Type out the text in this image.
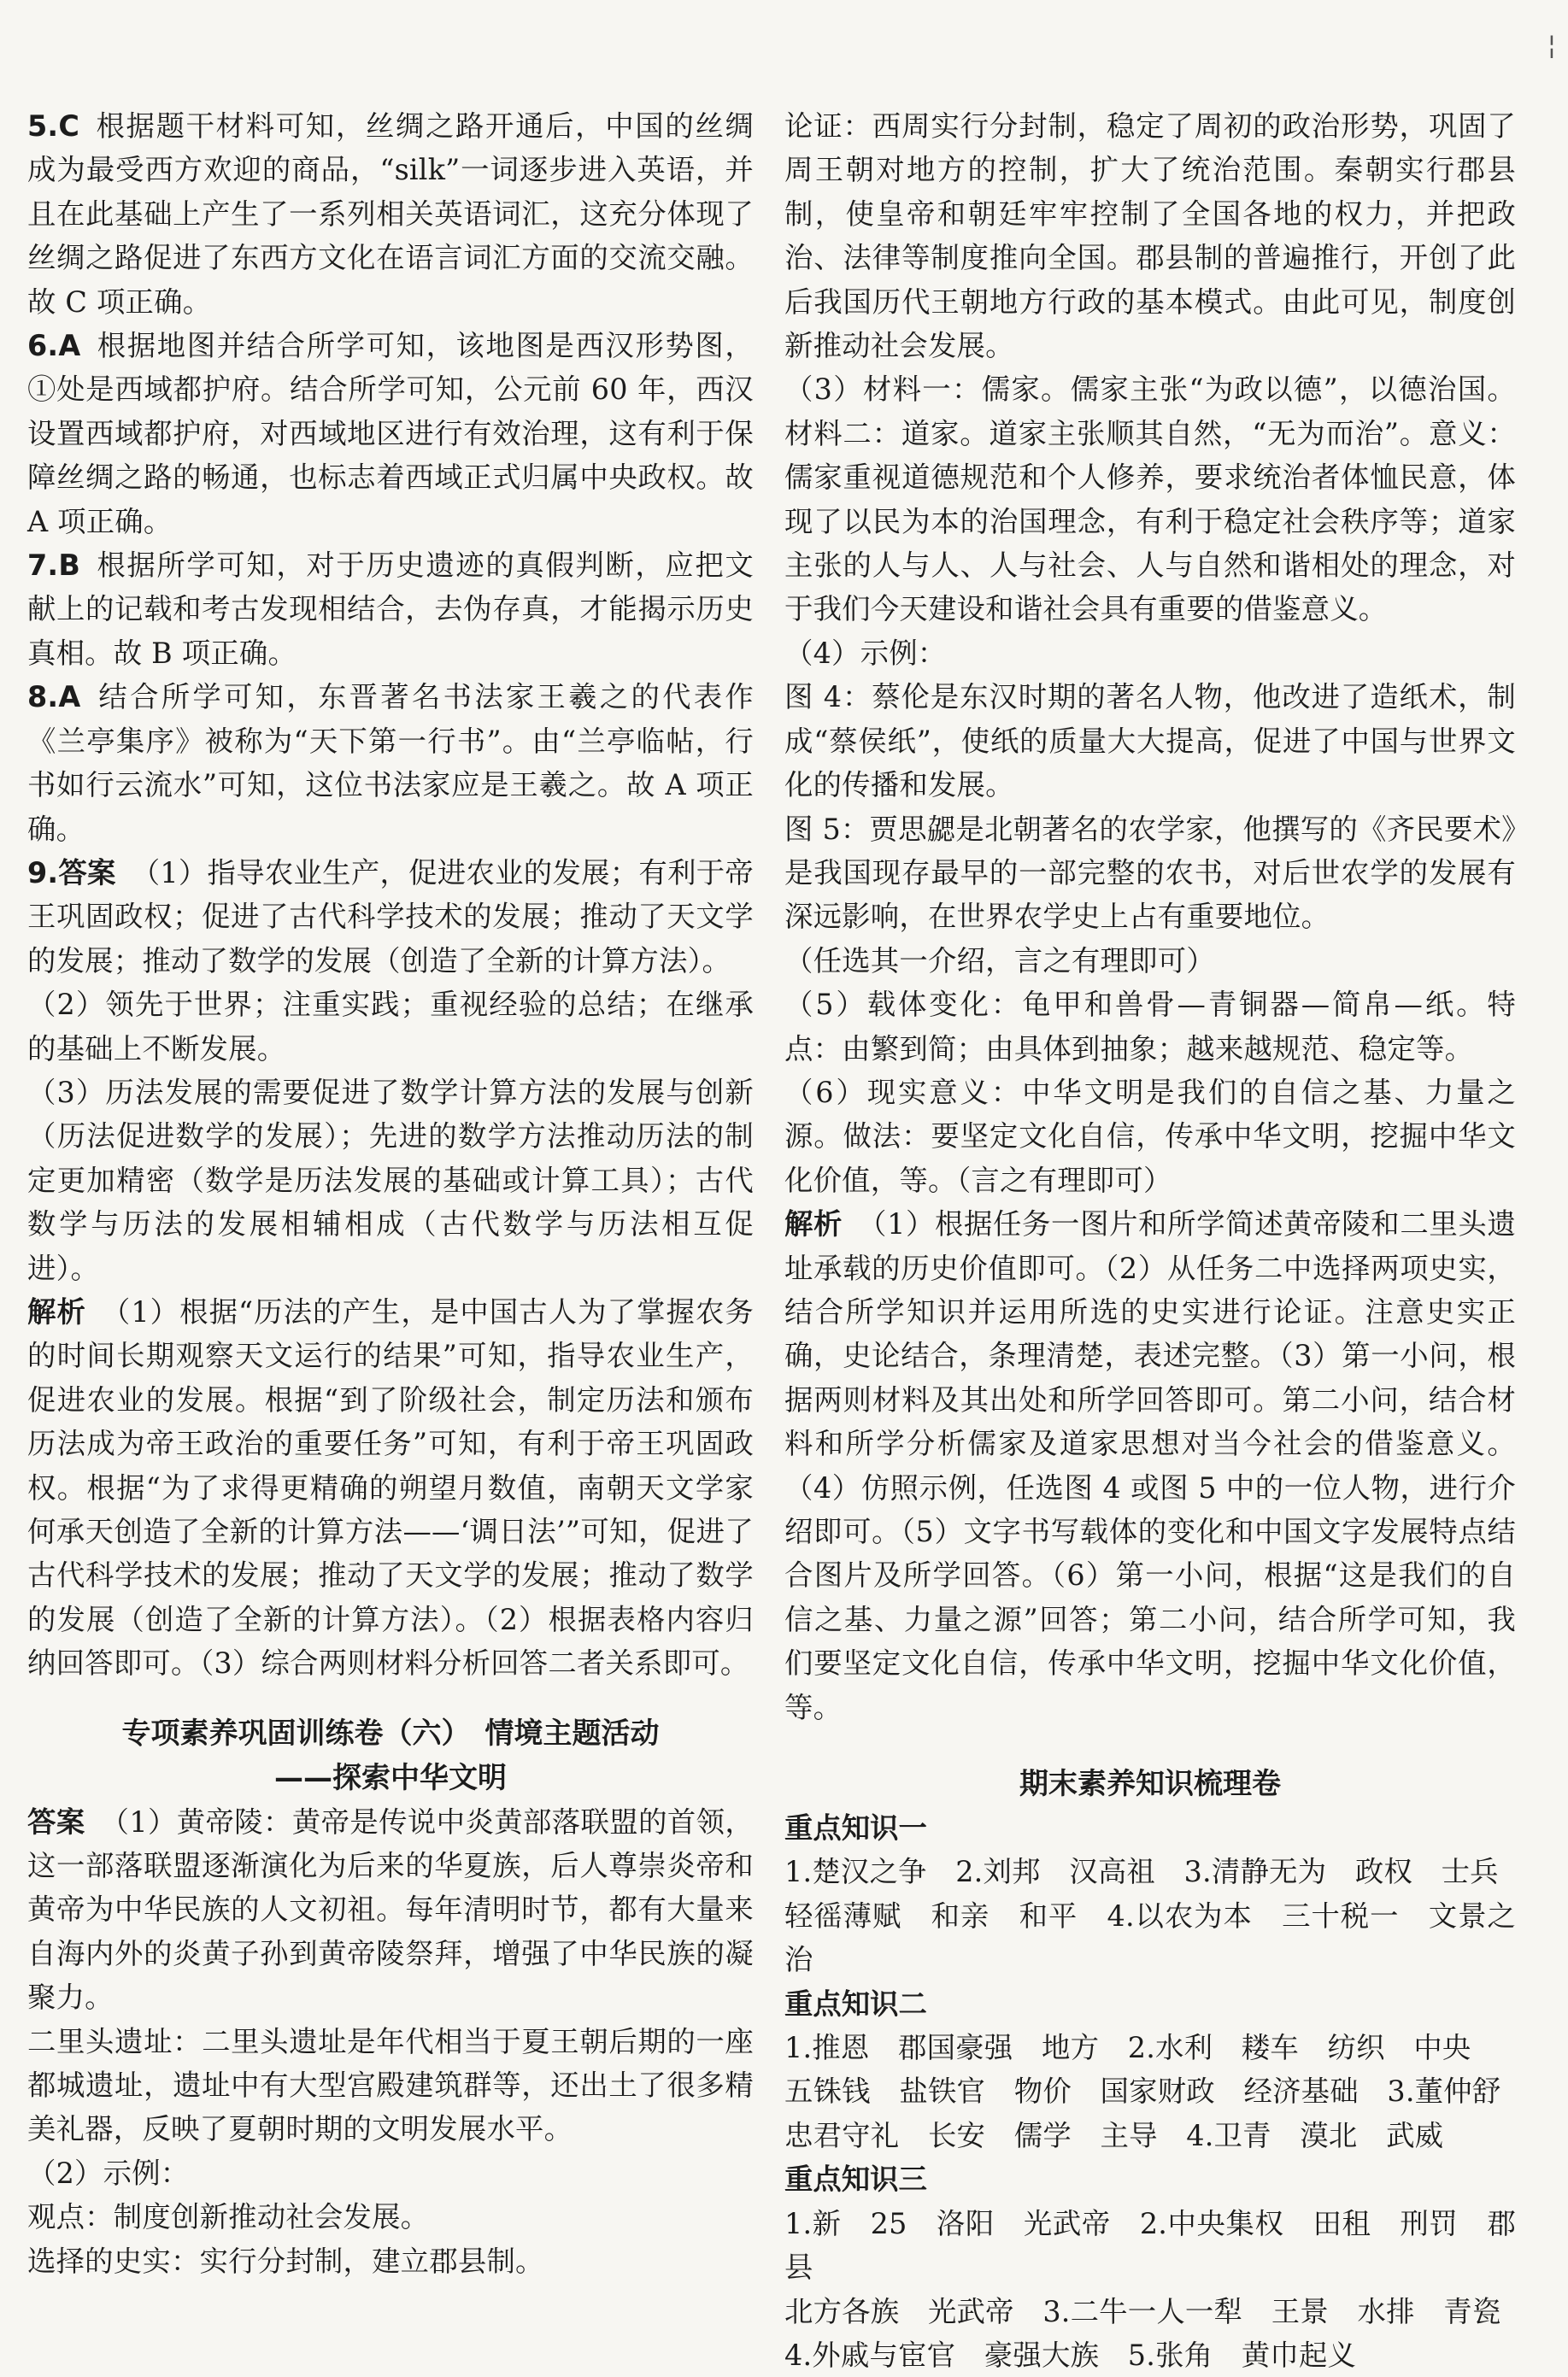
¦

5.C 根据题干材料可知，丝绸之路开通后，中国的丝绸成为最受西方欢迎的商品，“silk”一词逐步进入英语，并且在此基础上产生了一系列相关英语词汇，这充分体现了丝绸之路促进了东西方文化在语言词汇方面的交流交融。故 C 项正确。

6.A 根据地图并结合所学可知，该地图是西汉形势图，①处是西域都护府。结合所学可知，公元前 60 年，西汉设置西域都护府，对西域地区进行有效治理，这有利于保障丝绸之路的畅通，也标志着西域正式归属中央政权。故 A 项正确。

7.B 根据所学可知，对于历史遗迹的真假判断，应把文献上的记载和考古发现相结合，去伪存真，才能揭示历史真相。故 B 项正确。

8.A 结合所学可知，东晋著名书法家王羲之的代表作《兰亭集序》被称为“天下第一行书”。由“兰亭临帖，行书如行云流水”可知，这位书法家应是王羲之。故 A 项正确。

9.答案 （1）指导农业生产，促进农业的发展；有利于帝王巩固政权；促进了古代科学技术的发展；推动了天文学的发展；推动了数学的发展（创造了全新的计算方法）。

（2）领先于世界；注重实践；重视经验的总结；在继承的基础上不断发展。

（3）历法发展的需要促进了数学计算方法的发展与创新（历法促进数学的发展）；先进的数学方法推动历法的制定更加精密（数学是历法发展的基础或计算工具）；古代数学与历法的发展相辅相成（古代数学与历法相互促进）。

解析 （1）根据“历法的产生，是中国古人为了掌握农务的时间长期观察天文运行的结果”可知，指导农业生产，促进农业的发展。根据“到了阶级社会，制定历法和颁布历法成为帝王政治的重要任务”可知，有利于帝王巩固政权。根据“为了求得更精确的朔望月数值，南朝天文学家何承天创造了全新的计算方法——‘调日法’”可知，促进了古代科学技术的发展；推动了天文学的发展；推动了数学的发展（创造了全新的计算方法）。（2）根据表格内容归纳回答即可。（3）综合两则材料分析回答二者关系即可。

专项素养巩固训练卷（六）　情境主题活动

——探索中华文明

答案 （1）黄帝陵：黄帝是传说中炎黄部落联盟的首领，这一部落联盟逐渐演化为后来的华夏族，后人尊崇炎帝和黄帝为中华民族的人文初祖。每年清明时节，都有大量来自海内外的炎黄子孙到黄帝陵祭拜，增强了中华民族的凝聚力。

二里头遗址：二里头遗址是年代相当于夏王朝后期的一座都城遗址，遗址中有大型宫殿建筑群等，还出土了很多精美礼器，反映了夏朝时期的文明发展水平。

（2）示例：

观点：制度创新推动社会发展。

选择的史实：实行分封制，建立郡县制。

论证：西周实行分封制，稳定了周初的政治形势，巩固了周王朝对地方的控制，扩大了统治范围。秦朝实行郡县制，使皇帝和朝廷牢牢控制了全国各地的权力，并把政治、法律等制度推向全国。郡县制的普遍推行，开创了此后我国历代王朝地方行政的基本模式。由此可见，制度创新推动社会发展。

（3）材料一：儒家。儒家主张“为政以德”，以德治国。材料二：道家。道家主张顺其自然，“无为而治”。意义：儒家重视道德规范和个人修养，要求统治者体恤民意，体现了以民为本的治国理念，有利于稳定社会秩序等；道家主张的人与人、人与社会、人与自然和谐相处的理念，对于我们今天建设和谐社会具有重要的借鉴意义。

（4）示例：

图 4：蔡伦是东汉时期的著名人物，他改进了造纸术，制成“蔡侯纸”，使纸的质量大大提高，促进了中国与世界文化的传播和发展。

图 5：贾思勰是北朝著名的农学家，他撰写的《齐民要术》是我国现存最早的一部完整的农书，对后世农学的发展有深远影响，在世界农学史上占有重要地位。

（任选其一介绍，言之有理即可）

（5）载体变化：龟甲和兽骨—青铜器—简帛—纸。特点：由繁到简；由具体到抽象；越来越规范、稳定等。

（6）现实意义：中华文明是我们的自信之基、力量之源。做法：要坚定文化自信，传承中华文明，挖掘中华文化价值，等。（言之有理即可）

解析 （1）根据任务一图片和所学简述黄帝陵和二里头遗址承载的历史价值即可。（2）从任务二中选择两项史实，结合所学知识并运用所选的史实进行论证。注意史实正确，史论结合，条理清楚，表述完整。（3）第一小问，根据两则材料及其出处和所学回答即可。第二小问，结合材料和所学分析儒家及道家思想对当今社会的借鉴意义。（4）仿照示例，任选图 4 或图 5 中的一位人物，进行介绍即可。（5）文字书写载体的变化和中国文字发展特点结合图片及所学回答。（6）第一小问，根据“这是我们的自信之基、力量之源”回答；第二小问，结合所学可知，我们要坚定文化自信，传承中华文明，挖掘中华文化价值，等。

期末素养知识梳理卷

重点知识一

1.楚汉之争　2.刘邦　汉高祖　3.清静无为　政权　士兵

轻徭薄赋　和亲　和平　4.以农为本　三十税一　文景之治

重点知识二

1.推恩　郡国豪强　地方　2.水利　耧车　纺织　中央

五铢钱　盐铁官　物价　国家财政　经济基础　3.董仲舒

忠君守礼　长安　儒学　主导　4.卫青　漠北　武威

重点知识三

1.新　25　洛阳　光武帝　2.中央集权　田租　刑罚　郡县

北方各族　光武帝　3.二牛一人一犁　王景　水排　青瓷

4.外戚与宦官　豪强大族　5.张角　黄巾起义
